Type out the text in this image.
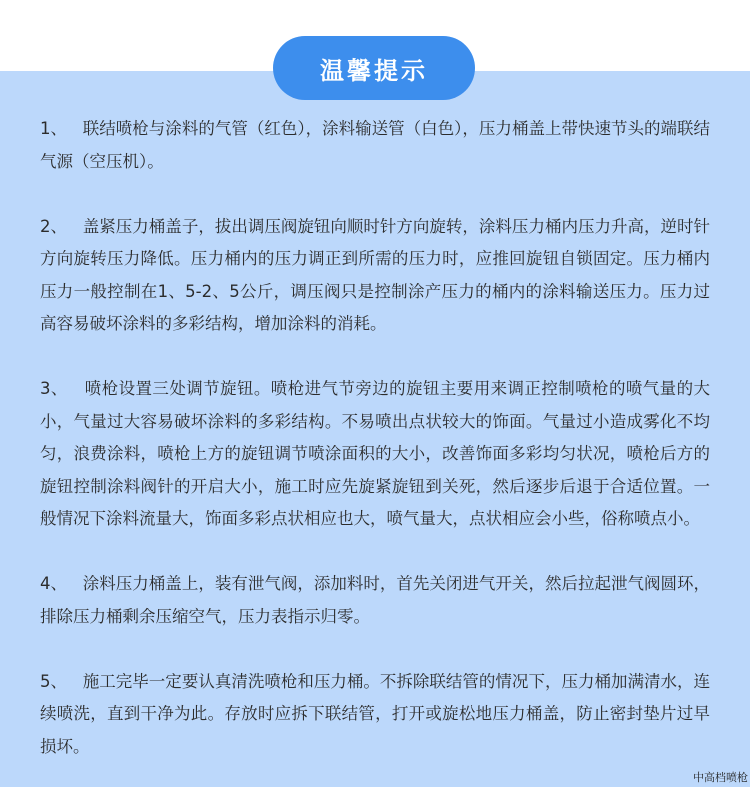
温馨提示

1、 联结喷枪与涂料的气管（红色），涂料输送管（白色），压力桶盖上带快速节头的端联结气源（空压机）。

2、 盖紧压力桶盖子，拔出调压阀旋钮向顺时针方向旋转，涂料压力桶内压力升高，逆时针方向旋转压力降低。压力桶内的压力调正到所需的压力时，应推回旋钮自锁固定。压力桶内压力一般控制在1、5-2、5公斤，调压阀只是控制涂产压力的桶内的涂料输送压力。压力过高容易破坏涂料的多彩结构，增加涂料的消耗。

3、 喷枪设置三处调节旋钮。喷枪进气节旁边的旋钮主要用来调正控制喷枪的喷气量的大小，气量过大容易破坏涂料的多彩结构。不易喷出点状较大的饰面。气量过小造成雾化不均匀，浪费涂料，喷枪上方的旋钮调节喷涂面积的大小，改善饰面多彩均匀状况，喷枪后方的旋钮控制涂料阀针的开启大小，施工时应先旋紧旋钮到关死，然后逐步后退于合适位置。一般情况下涂料流量大，饰面多彩点状相应也大，喷气量大，点状相应会小些，俗称喷点小。

4、 涂料压力桶盖上，装有泄气阀，添加料时，首先关闭进气开关，然后拉起泄气阀圆环，排除压力桶剩余压缩空气，压力表指示归零。

5、 施工完毕一定要认真清洗喷枪和压力桶。不拆除联结管的情况下，压力桶加满清水，连续喷洗，直到干净为此。存放时应拆下联结管，打开或旋松地压力桶盖，防止密封垫片过早损坏。

中高档喷枪
